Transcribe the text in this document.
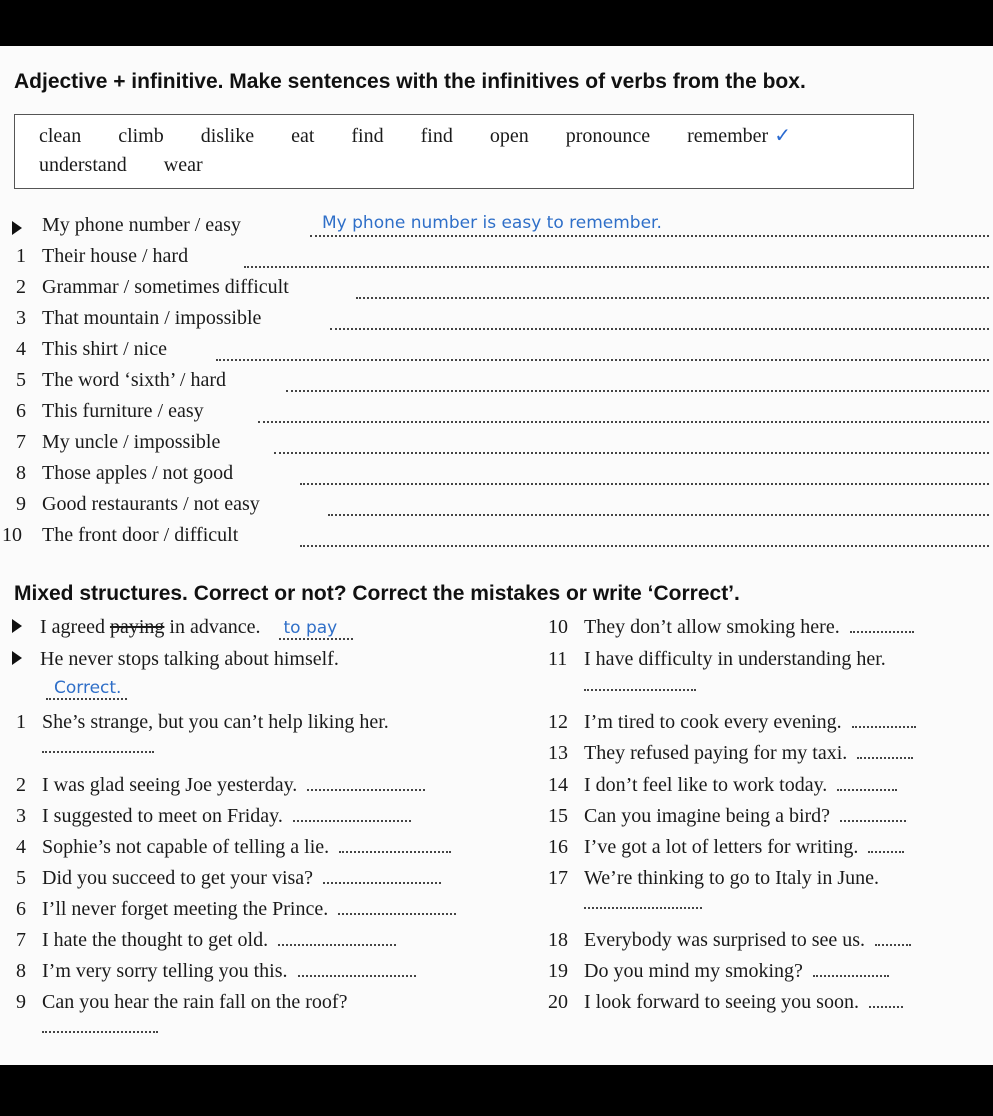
Adjective + infinitive. Make sentences with the infinitives of verbs from the box.
clean climb dislike eat find find open pronounce remember ✓
understand wear
My phone number / easy	My phone number is easy to remember.
1 Their house / hard
2 Grammar / sometimes difficult
3 That mountain / impossible
4 This shirt / nice
5 The word ‘sixth’ / hard
6 This furniture / easy
7 My uncle / impossible
8 Those apples / not good
9 Good restaurants / not easy
10 The front door / difficult
Mixed structures. Correct or not? Correct the mistakes or write ‘Correct’.
I agreed paying in advance. to pay
He never stops talking about himself.
Correct.
1 She’s strange, but you can’t help liking her.
2 I was glad seeing Joe yesterday.
3 I suggested to meet on Friday.
4 Sophie’s not capable of telling a lie.
5 Did you succeed to get your visa?
6 I’ll never forget meeting the Prince.
7 I hate the thought to get old.
8 I’m very sorry telling you this.
9 Can you hear the rain fall on the roof?
10 They don’t allow smoking here.
11 I have difficulty in understanding her.
12 I’m tired to cook every evening.
13 They refused paying for my taxi.
14 I don’t feel like to work today.
15 Can you imagine being a bird?
16 I’ve got a lot of letters for writing.
17 We’re thinking to go to Italy in June.
18 Everybody was surprised to see us.
19 Do you mind my smoking?
20 I look forward to seeing you soon.
